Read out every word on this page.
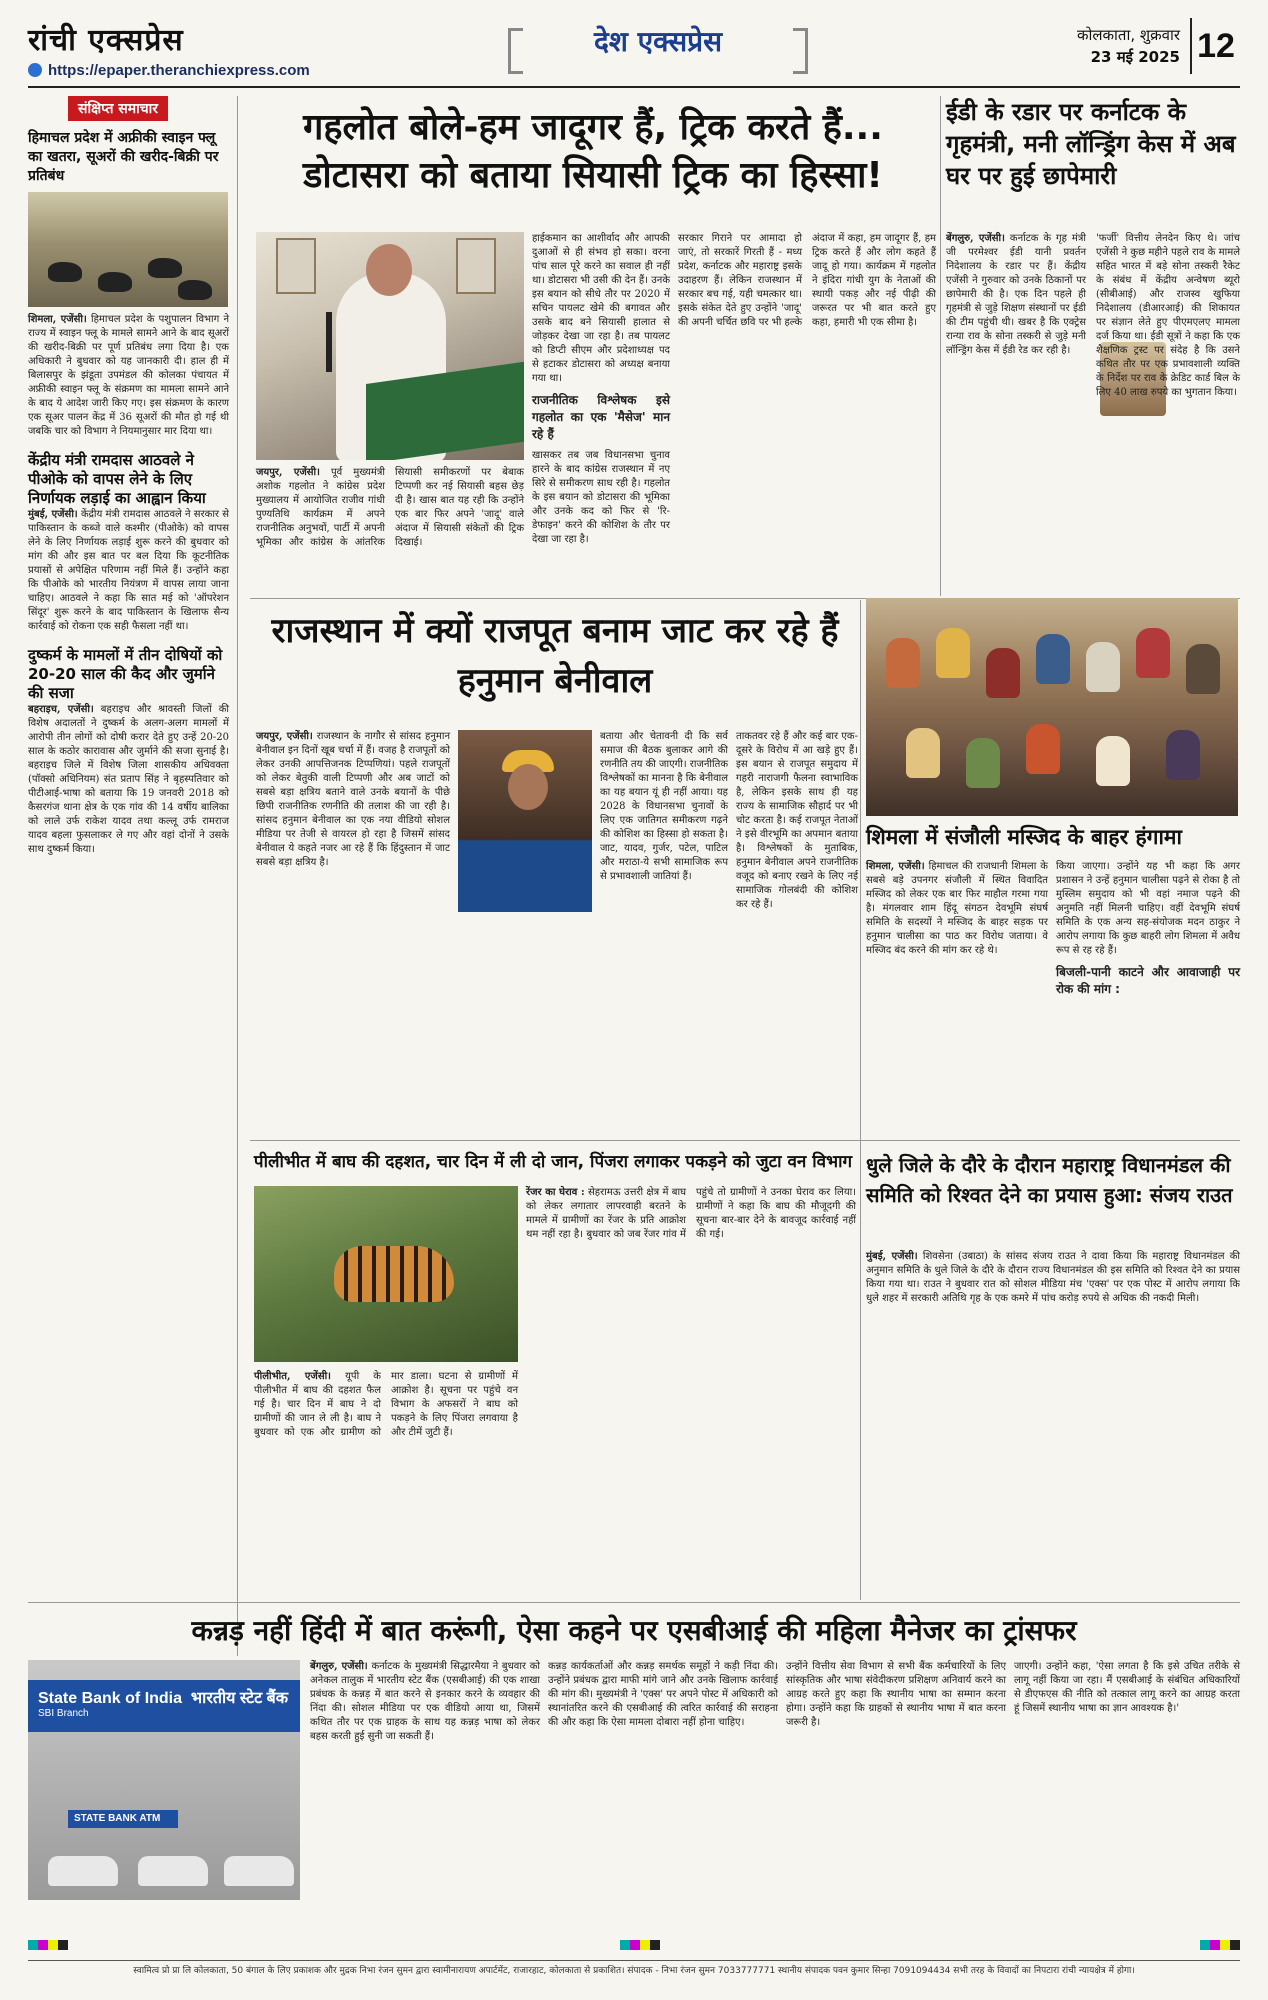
रांची एक्सप्रेस
https://epaper.theranchiexpress.com
देश एक्सप्रेस	कोलकाता, शुक्रवार
23 मई 2025 12
संक्षिप्त समाचार
हिमाचल प्रदेश में अफ्रीकी स्वाइन फ्लू का खतरा, सूअरों की खरीद-बिक्री पर प्रतिबंध
शिमला, एजेंसी। हिमाचल प्रदेश के पशुपालन विभाग ने राज्य में स्वाइन फ्लू के मामले सामने आने के बाद सूअरों की खरीद-बिक्री पर पूर्ण प्रतिबंध लगा दिया है। एक अधिकारी ने बुधवार को यह जानकारी दी। हाल ही में बिलासपुर के झंडूता उपमंडल की कोलका पंचायत में अफ्रीकी स्वाइन फ्लू के संक्रमण का मामला सामने आने के बाद ये आदेश जारी किए गए। इस संक्रमण के कारण एक सूअर पालन केंद्र में 36 सूअरों की मौत हो गई थी जबकि चार को विभाग ने नियमानुसार मार दिया था।
केंद्रीय मंत्री रामदास आठवले ने पीओके को वापस लेने के लिए निर्णायक लड़ाई का आह्वान किया
मुंबई, एजेंसी। केंद्रीय मंत्री रामदास आठवले ने सरकार से पाकिस्तान के कब्जे वाले कश्मीर (पीओके) को वापस लेने के लिए निर्णायक लड़ाई शुरू करने की बुधवार को मांग की और इस बात पर बल दिया कि कूटनीतिक प्रयासों से अपेक्षित परिणाम नहीं मिले हैं। उन्होंने कहा कि पीओके को भारतीय नियंत्रण में वापस लाया जाना चाहिए। आठवले ने कहा कि सात मई को 'ऑपरेशन सिंदूर' शुरू करने के बाद पाकिस्तान के खिलाफ सैन्य कार्रवाई को रोकना एक सही फैसला नहीं था।
दुष्कर्म के मामलों में तीन दोषियों को 20-20 साल की कैद और जुर्माने की सजा
बहराइच, एजेंसी। बहराइच और श्रावस्ती जिलों की विशेष अदालतों ने दुष्कर्म के अलग-अलग मामलों में आरोपी तीन लोगों को दोषी करार देते हुए उन्हें 20-20 साल के कठोर कारावास और जुर्माने की सजा सुनाई है। बहराइच जिले में विशेष जिला शासकीय अधिवक्ता (पॉक्सो अधिनियम) संत प्रताप सिंह ने बृहस्पतिवार को पीटीआई-भाषा को बताया कि 19 जनवरी 2018 को कैसरगंज थाना क्षेत्र के एक गांव की 14 वर्षीय बालिका को लाले उर्फ राकेश यादव तथा कल्लू उर्फ रामराज यादव बहला फुसलाकर ले गए और वहां दोनों ने उसके साथ दुष्कर्म किया।
गहलोत बोले-हम जादूगर हैं, ट्रिक करते हैं... डोटासरा को बताया सियासी ट्रिक का हिस्सा!
जयपुर, एजेंसी। पूर्व मुख्यमंत्री अशोक गहलोत ने कांग्रेस प्रदेश मुख्यालय में आयोजित राजीव गांधी पुण्यतिथि कार्यक्रम में अपने राजनीतिक अनुभवों, पार्टी में अपनी भूमिका और कांग्रेस के आंतरिक सियासी समीकरणों पर बेबाक टिप्पणी कर नई सियासी बहस छेड़ दी है। खास बात यह रही कि उन्होंने एक बार फिर अपने 'जादू' वाले अंदाज में सियासी संकेतों की ट्रिक दिखाई।
हाईकमान का आशीर्वाद और आपकी दुआओं से ही संभव हो सका। वरना पांच साल पूरे करने का सवाल ही नहीं था। डोटासरा भी उसी की देन हैं। उनके इस बयान को सीधे तौर पर 2020 में सचिन पायलट खेमे की बगावत और उसके बाद बने सियासी हालात से जोड़कर देखा जा रहा है। तब पायलट को डिप्टी सीएम और प्रदेशाध्यक्ष पद से हटाकर डोटासरा को अध्यक्ष बनाया गया था।
राजनीतिक विश्लेषक इसे गहलोत का एक 'मैसेज' मान रहे हैं
खासकर तब जब विधानसभा चुनाव हारने के बाद कांग्रेस राजस्थान में नए सिरे से समीकरण साध रही है। गहलोत के इस बयान को डोटासरा की भूमिका और उनके कद को फिर से 'रि-डेफाइन' करने की कोशिश के तौर पर देखा जा रहा है।
सरकार गिराने पर आमादा हो जाएं, तो सरकारें गिरती हैं - मध्य प्रदेश, कर्नाटक और महाराष्ट्र इसके उदाहरण हैं। लेकिन राजस्थान में सरकार बच गई, यही चमत्कार था। इसके संकेत देते हुए उन्होंने 'जादू' की अपनी चर्चित छवि पर भी हल्के अंदाज में कहा, हम जादूगर हैं, हम ट्रिक करते हैं और लोग कहते हैं जादू हो गया। कार्यक्रम में गहलोत ने इंदिरा गांधी युग के नेताओं की स्थायी पकड़ और नई पीढ़ी की जरूरत पर भी बात करते हुए कहा, हमारी भी एक सीमा है।
ईडी के रडार पर कर्नाटक के गृहमंत्री, मनी लॉन्ड्रिंग केस में अब घर पर हुई छापेमारी
बेंगलुरु, एजेंसी। कर्नाटक के गृह मंत्री जी परमेश्वर ईडी यानी प्रवर्तन निदेशालय के रडार पर हैं। केंद्रीय एजेंसी ने गुरुवार को उनके ठिकानों पर छापेमारी की है। एक दिन पहले ही गृहमंत्री से जुड़े शिक्षण संस्थानों पर ईडी की टीम पहुंची थी। खबर है कि एक्ट्रेस रान्या राव के सोना तस्करी से जुड़े मनी लॉन्ड्रिंग केस में ईडी रेड कर रही है।
'फर्जी' वित्तीय लेनदेन किए थे। जांच एजेंसी ने कुछ महीने पहले राव के मामले सहित भारत में बड़े सोना तस्करी रैकेट के संबंध में केंद्रीय अन्वेषण ब्यूरो (सीबीआई) और राजस्व खुफिया निदेशालय (डीआरआई) की शिकायत पर संज्ञान लेते हुए पीएमएलए मामला दर्ज किया था। ईडी सूत्रों ने कहा कि एक शैक्षणिक ट्रस्ट पर संदेह है कि उसने कथित तौर पर एक प्रभावशाली व्यक्ति के निर्देश पर राव के क्रेडिट कार्ड बिल के लिए 40 लाख रुपये का भुगतान किया।
राजस्थान में क्यों राजपूत बनाम जाट कर रहे हैं हनुमान बेनीवाल
जयपुर, एजेंसी। राजस्थान के नागौर से सांसद हनुमान बेनीवाल इन दिनों खूब चर्चा में हैं। वजह है राजपूतों को लेकर उनकी आपत्तिजनक टिप्पणियां। पहले राजपूतों को लेकर बेतुकी वाली टिप्पणी और अब जाटों को सबसे बड़ा क्षत्रिय बताने वाले उनके बयानों के पीछे छिपी राजनीतिक रणनीति की तलाश की जा रही है। सांसद हनुमान बेनीवाल का एक नया वीडियो सोशल मीडिया पर तेजी से वायरल हो रहा है जिसमें सांसद बेनीवाल ये कहते नजर आ रहे हैं कि हिंदुस्तान में जाट सबसे बड़ा क्षत्रिय है।
बताया और चेतावनी दी कि सर्व समाज की बैठक बुलाकर आगे की रणनीति तय की जाएगी। राजनीतिक विश्लेषकों का मानना है कि बेनीवाल का यह बयान यूं ही नहीं आया। यह 2028 के विधानसभा चुनावों के लिए एक जातिगत समीकरण गढ़ने की कोशिश का हिस्सा हो सकता है। जाट, यादव, गुर्जर, पटेल, पाटिल और मराठा-ये सभी सामाजिक रूप से प्रभावशाली जातियां हैं।
ताकतवर रहे हैं और कई बार एक-दूसरे के विरोध में आ खड़े हुए हैं। इस बयान से राजपूत समुदाय में गहरी नाराजगी फैलना स्वाभाविक है, लेकिन इसके साथ ही यह राज्य के सामाजिक सौहार्द पर भी चोट करता है। कई राजपूत नेताओं ने इसे वीरभूमि का अपमान बताया है। विश्लेषकों के मुताबिक, हनुमान बेनीवाल अपने राजनीतिक वजूद को बनाए रखने के लिए नई सामाजिक गोलबंदी की कोशिश कर रहे हैं।
शिमला में संजौली मस्जिद के बाहर हंगामा
शिमला, एजेंसी। हिमाचल की राजधानी शिमला के सबसे बड़े उपनगर संजौली में स्थित विवादित मस्जिद को लेकर एक बार फिर माहौल गरमा गया है। मंगलवार शाम हिंदू संगठन देवभूमि संघर्ष समिति के सदस्यों ने मस्जिद के बाहर सड़क पर हनुमान चालीसा का पाठ कर विरोध जताया। वे मस्जिद बंद करने की मांग कर रहे थे।
किया जाएगा। उन्होंने यह भी कहा कि अगर प्रशासन ने उन्हें हनुमान चालीसा पढ़ने से रोका है तो मुस्लिम समुदाय को भी वहां नमाज पढ़ने की अनुमति नहीं मिलनी चाहिए। वहीं देवभूमि संघर्ष समिति के एक अन्य सह-संयोजक मदन ठाकुर ने आरोप लगाया कि कुछ बाहरी लोग शिमला में अवैध रूप से रह रहे हैं।
बिजली-पानी काटने और आवाजाही पर रोक की मांग :
पीलीभीत में बाघ की दहशत, चार दिन में ली दो जान, पिंजरा लगाकर पकड़ने को जुटा वन विभाग
पीलीभीत, एजेंसी। यूपी के पीलीभीत में बाघ की दहशत फैल गई है। चार दिन में बाघ ने दो ग्रामीणों की जान ले ली है। बाघ ने बुधवार को एक और ग्रामीण को मार डाला। घटना से ग्रामीणों में आक्रोश है। सूचना पर पहुंचे वन विभाग के अफसरों ने बाघ को पकड़ने के लिए पिंजरा लगवाया है और टीमें जुटी हैं।
रेंजर का घेराव : सेहरामऊ उत्तरी क्षेत्र में बाघ को लेकर लगातार लापरवाही बरतने के मामले में ग्रामीणों का रेंजर के प्रति आक्रोश थम नहीं रहा है। बुधवार को जब रेंजर गांव में पहुंचे तो ग्रामीणों ने उनका घेराव कर लिया। ग्रामीणों ने कहा कि बाघ की मौजूदगी की सूचना बार-बार देने के बावजूद कार्रवाई नहीं की गई।
धुले जिले के दौरे के दौरान महाराष्ट्र विधानमंडल की समिति को रिश्वत देने का प्रयास हुआ: संजय राउत
मुंबई, एजेंसी। शिवसेना (उबाठा) के सांसद संजय राउत ने दावा किया कि महाराष्ट्र विधानमंडल की अनुमान समिति के धुले जिले के दौरे के दौरान राज्य विधानमंडल की इस समिति को रिश्वत देने का प्रयास किया गया था। राउत ने बुधवार रात को सोशल मीडिया मंच 'एक्स' पर एक पोस्ट में आरोप लगाया कि धुले शहर में सरकारी अतिथि गृह के एक कमरे में पांच करोड़ रुपये से अधिक की नकदी मिली।
कन्नड़ नहीं हिंदी में बात करूंगी, ऐसा कहने पर एसबीआई की महिला मैनेजर का ट्रांसफर
State Bank of India भारतीय स्टेट बैंक
SBI Branch
STATE BANK ATM
बेंगलुरु, एजेंसी। कर्नाटक के मुख्यमंत्री सिद्धारमैया ने बुधवार को अनेकल तालुक में भारतीय स्टेट बैंक (एसबीआई) की एक शाखा प्रबंधक के कन्नड़ में बात करने से इनकार करने के व्यवहार की निंदा की। सोशल मीडिया पर एक वीडियो आया था, जिसमें कथित तौर पर एक ग्राहक के साथ यह कन्नड़ भाषा को लेकर बहस करती हुई सुनी जा सकती हैं।
कन्नड़ कार्यकर्ताओं और कन्नड़ समर्थक समूहों ने कड़ी निंदा की। उन्होंने प्रबंधक द्वारा माफी मांगे जाने और उनके खिलाफ कार्रवाई की मांग की। मुख्यमंत्री ने 'एक्स' पर अपने पोस्ट में अधिकारी को स्थानांतरित करने की एसबीआई की त्वरित कार्रवाई की सराहना की और कहा कि ऐसा मामला दोबारा नहीं होना चाहिए।
उन्होंने वित्तीय सेवा विभाग से सभी बैंक कर्मचारियों के लिए सांस्कृतिक और भाषा संवेदीकरण प्रशिक्षण अनिवार्य करने का आग्रह करते हुए कहा कि स्थानीय भाषा का सम्मान करना होगा। उन्होंने कहा कि ग्राहकों से स्थानीय भाषा में बात करना जरूरी है।
जाएगी। उन्होंने कहा, 'ऐसा लगता है कि इसे उचित तरीके से लागू नहीं किया जा रहा। मैं एसबीआई के संबंधित अधिकारियों से डीएफएस की नीति को तत्काल लागू करने का आग्रह करता हूं जिसमें स्थानीय भाषा का ज्ञान आवश्यक है।'
स्वामित्व प्रो प्रा लि कोलकाता, 50 बंगाल के लिए प्रकाशक और मुद्रक निभा रंजन सुमन द्वारा स्वामीनारायण अपार्टमेंट, राजारहाट, कोलकाता से प्रकाशित। संपादक - निभा रंजन सुमन 7033777771 स्थानीय संपादक पवन कुमार सिन्हा 7091094434 सभी तरह के विवादों का निपटारा रांची न्यायक्षेत्र में होगा।
